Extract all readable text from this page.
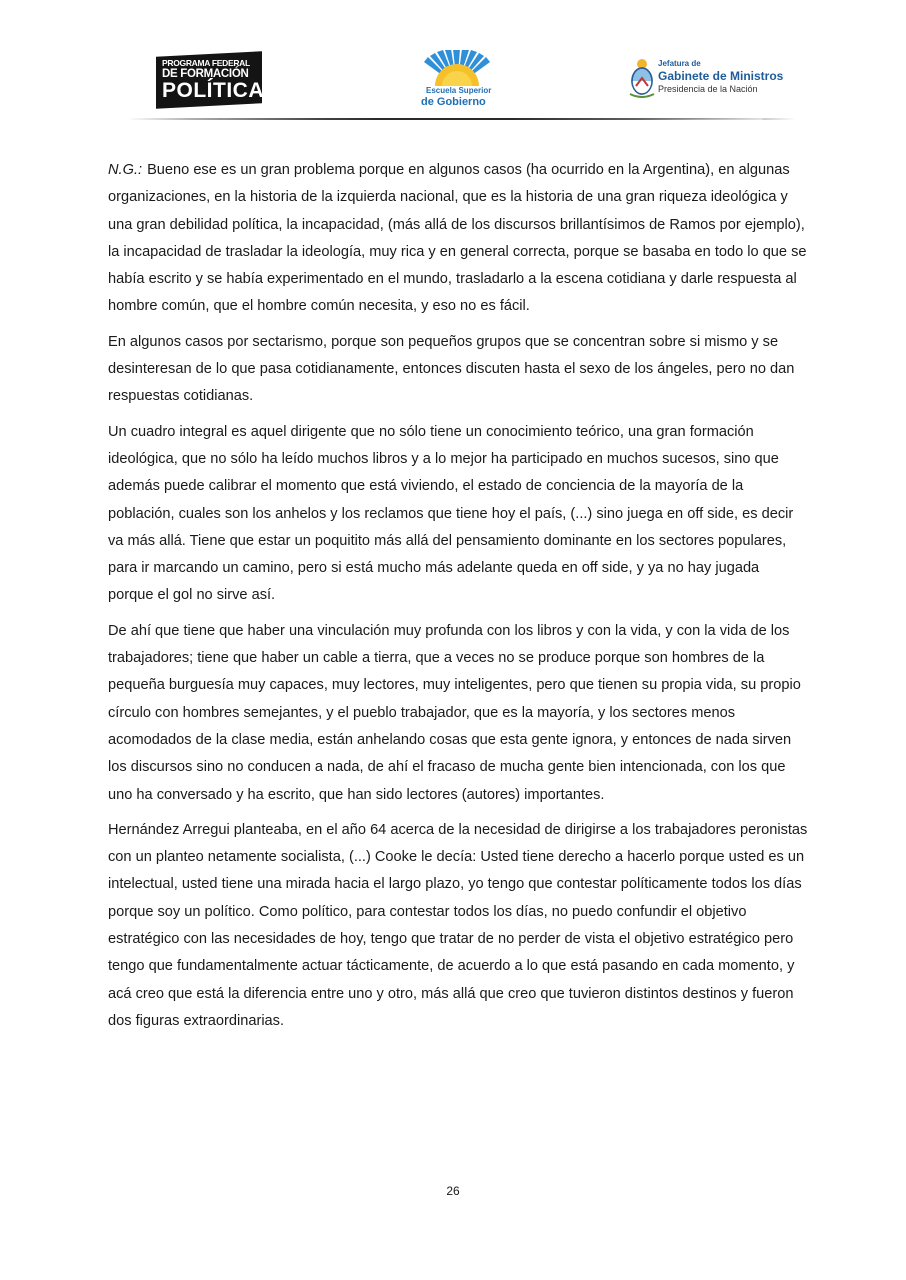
PROGRAMA FEDERAL
DE FORMACIÓN
POLÍTICA	Escuela Superior
de Gobierno
Jefatura de
Gabinete de Ministros
Presidencia de la Nación

N.G.: Bueno ese es un gran problema porque en algunos casos (ha ocurrido en la Argentina), en algunas organizaciones, en la historia de la izquierda nacional, que es la historia de una gran riqueza ideológica y una gran debilidad política, la incapacidad, (más allá de los discursos brillantísimos de Ramos por ejemplo), la incapacidad de trasladar la ideología, muy rica y en general correcta, porque se basaba en todo lo que se había escrito y se había experimentado en el mundo, trasladarlo a la escena cotidiana y darle respuesta al hombre común, que el hombre común necesita, y eso no es fácil.

En algunos casos por sectarismo, porque son pequeños grupos que se concentran sobre si mismo y se desinteresan de lo que pasa cotidianamente, entonces discuten hasta el sexo de los ángeles, pero no dan respuestas cotidianas.

Un cuadro integral es aquel dirigente que no sólo tiene un conocimiento teórico, una gran formación ideológica, que no sólo ha leído muchos libros y a lo mejor ha participado en muchos sucesos, sino que además puede calibrar el momento que está viviendo, el estado de conciencia de la mayoría de la población, cuales son los anhelos y los reclamos que tiene hoy el país, (...) sino juega en off side, es decir va más allá. Tiene que estar un poquitito más allá del pensamiento dominante en los sectores populares, para ir marcando un camino, pero si está mucho más adelante queda en off side, y ya no hay jugada porque el gol no sirve así.

De ahí que tiene que haber una vinculación muy profunda con los libros y con la vida, y con la vida de los trabajadores; tiene que haber un cable a tierra, que a veces no se produce porque son hombres de la pequeña burguesía muy capaces, muy lectores, muy inteligentes, pero que tienen su propia vida, su propio círculo con hombres semejantes, y el pueblo trabajador, que es la mayoría, y los sectores menos acomodados de la clase media, están anhelando cosas que esta gente ignora, y entonces de nada sirven los discursos sino no conducen a nada, de ahí el fracaso de mucha gente bien intencionada, con los que uno ha conversado y ha escrito, que han sido lectores (autores) importantes.

Hernández Arregui planteaba, en el año 64 acerca de la necesidad de dirigirse a los trabajadores peronistas con un planteo netamente socialista, (...) Cooke le decía: Usted tiene derecho a hacerlo porque usted es un intelectual, usted tiene una mirada hacia el largo plazo, yo tengo que contestar políticamente todos los días porque soy un político. Como político, para contestar todos los días, no puedo confundir el objetivo estratégico con las necesidades de hoy, tengo que tratar de no perder de vista el objetivo estratégico pero tengo que fundamentalmente actuar tácticamente, de acuerdo a lo que está pasando en cada momento, y acá creo que está la diferencia entre uno y otro, más allá que creo que tuvieron distintos destinos y fueron dos figuras extraordinarias.

26
